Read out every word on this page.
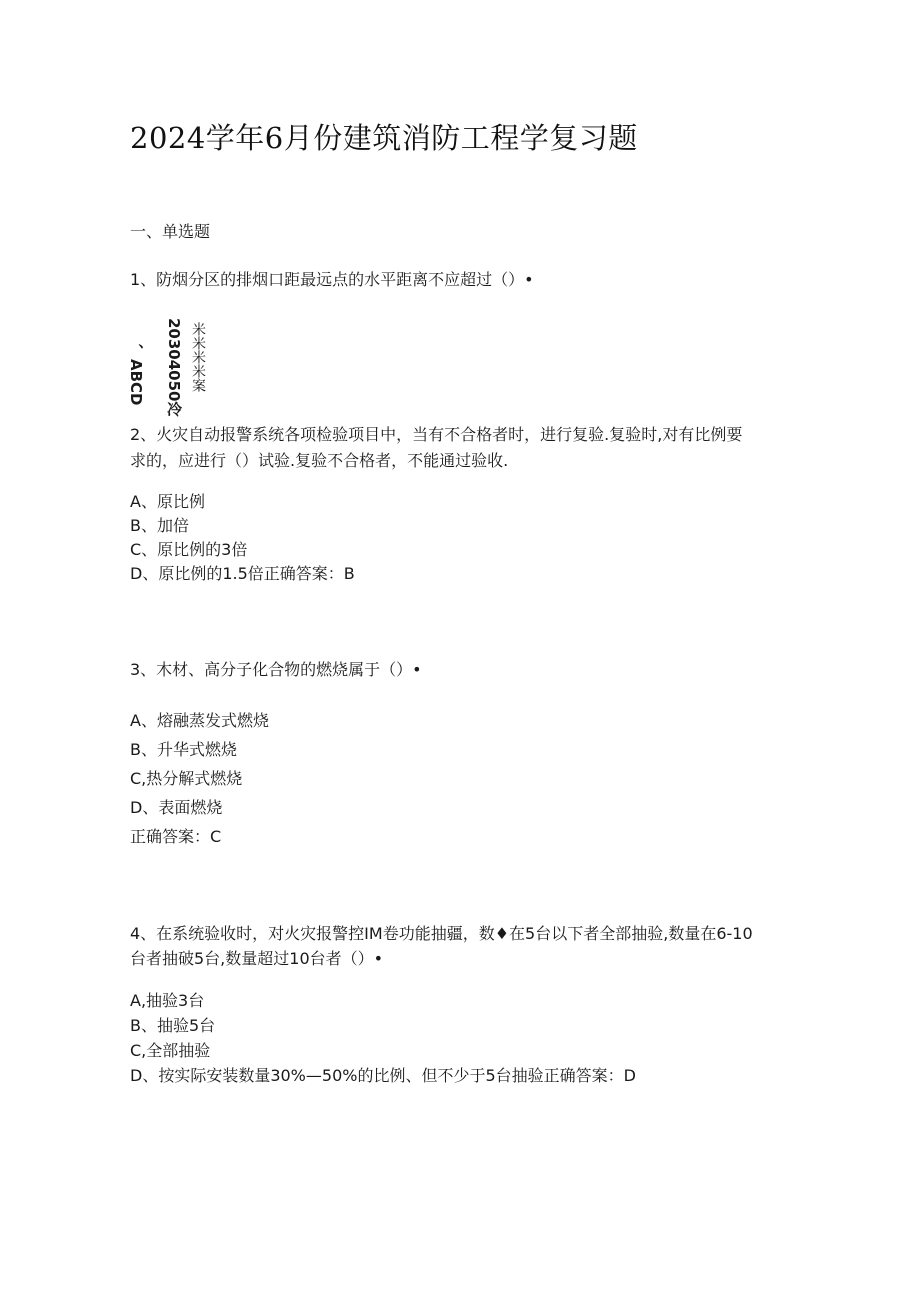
2024学年6月份建筑消防工程学复习题
一、单选题
1、防烟分区的排烟口距最远点的水平距离不应超过（）•
、ABCD 20304050冷 米米米米案
2、火灾自动报警系统各项检验项目中，当有不合格者时，进行复验.复验时,对有比例要
求的，应进行（）试验.复验不合格者，不能通过验收.
A、原比例
B、加倍
C、原比例的3倍
D、原比例的1.5倍正确答案：B
3、木材、高分子化合物的燃烧属于（）•
A、熔融蒸发式燃烧
B、升华式燃烧
C,热分解式燃烧
D、表面燃烧
正确答案：C
4、在系统验收时，对火灾报警控IM卷功能抽疆，数♦在5台以下者全部抽验,数量在6-10
台者抽破5台,数量超过10台者（）•
A,抽验3台
B、抽验5台
C,全部抽验
D、按实际安装数量30%—50%的比例、但不少于5台抽验正确答案：D
